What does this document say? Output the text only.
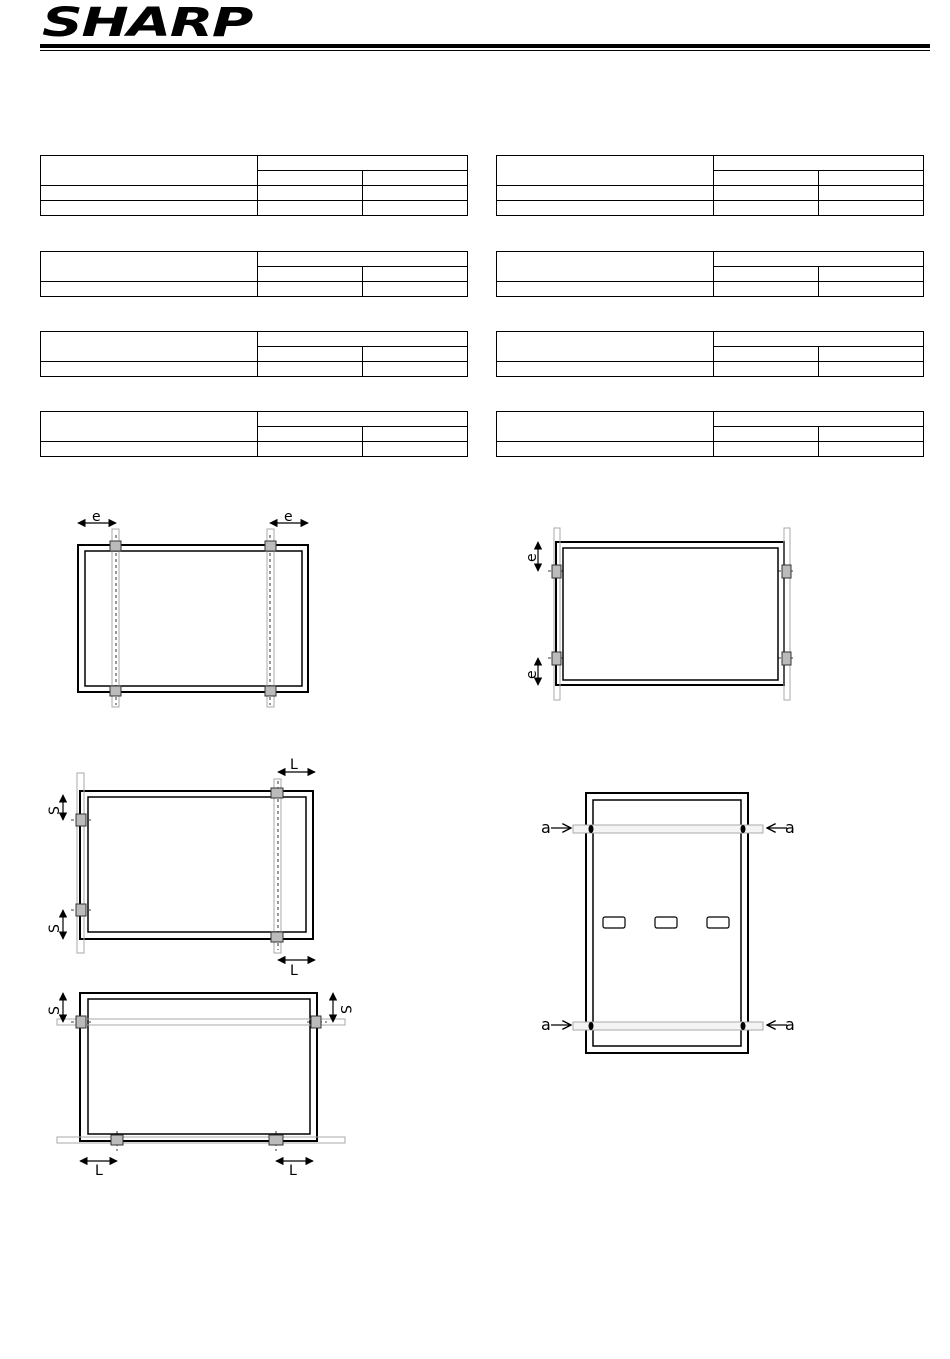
SHARP

e	e
e
e
S
S
L
L
S	S
L	L
a	a
a	a
